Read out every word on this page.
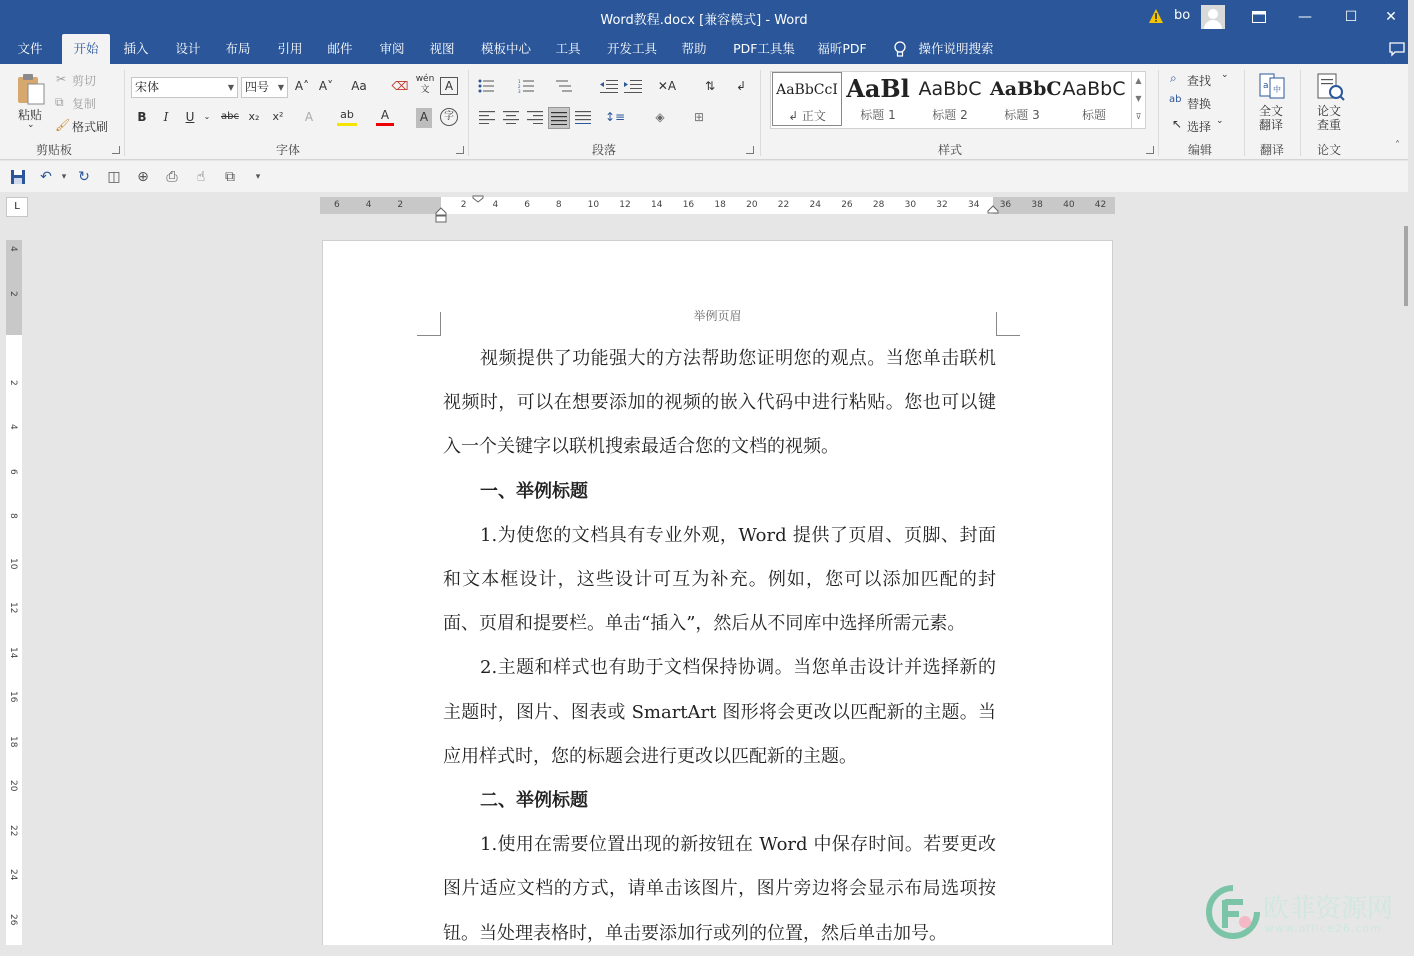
Word教程.docx [兼容模式] - Word	bo	—	☐	✕
文件	开始	插入	设计	布局	引用	邮件	审阅	视图	模板中心	工具	开发工具	帮助	PDF工具集	福昕PDF	操作说明搜索
粘贴
⌄
✂ 剪切
⧉ 复制
🖌 格式刷
剪贴板
宋体	▼ 四号 ▼ A˄ A˅	Aa	⌫ wén
文	A
B	I	U	⌄	abc x₂	x²	A	ab	A	A	字
字体
1
2
3	✕A	⇅	↲
↕≡	◈	⊞
段落
AaBbCcI
↲ 正文
AaBl
标题 1
AaBbC
标题 2
AaBbC
标题 3
AaBbC
标题
▲
▼
⊽
样式
⌕ 查找 ⌄
ab 替换
↖ 选择 ⌄
编辑
a 中
全文
翻译
翻译
论文
查重
论文	˄
↶	▾ ↻ ◫ ⊕	⎙	☝	⧉	▾
L	6	4	2	2	4	6	8	10 12 14 16 18 20 22 24 26 28 30 32 34 36 38 40 42
4
2
2
4
6
8
10
12
14
16
18
20
22
24
26
举例页眉

视频提供了功能强大的方法帮助您证明您的观点。当您单击联机视频时，可以在想要添加的视频的嵌入代码中进行粘贴。您也可以键入一个关键字以联机搜索最适合您的文档的视频。

一、举例标题

1.为使您的文档具有专业外观，Word 提供了页眉、页脚、封面和文本框设计，这些设计可互为补充。例如，您可以添加匹配的封面、页眉和提要栏。单击“插入”，然后从不同库中选择所需元素。

2.主题和样式也有助于文档保持协调。当您单击设计并选择新的主题时，图片、图表或 SmartArt 图形将会更改以匹配新的主题。当应用样式时，您的标题会进行更改以匹配新的主题。

二、举例标题

1.使用在需要位置出现的新按钮在 Word 中保存时间。若要更改图片适应文档的方式，请单击该图片，图片旁边将会显示布局选项按钮。当处理表格时，单击要添加行或列的位置，然后单击加号。

欧菲资源网
www.office26.com
